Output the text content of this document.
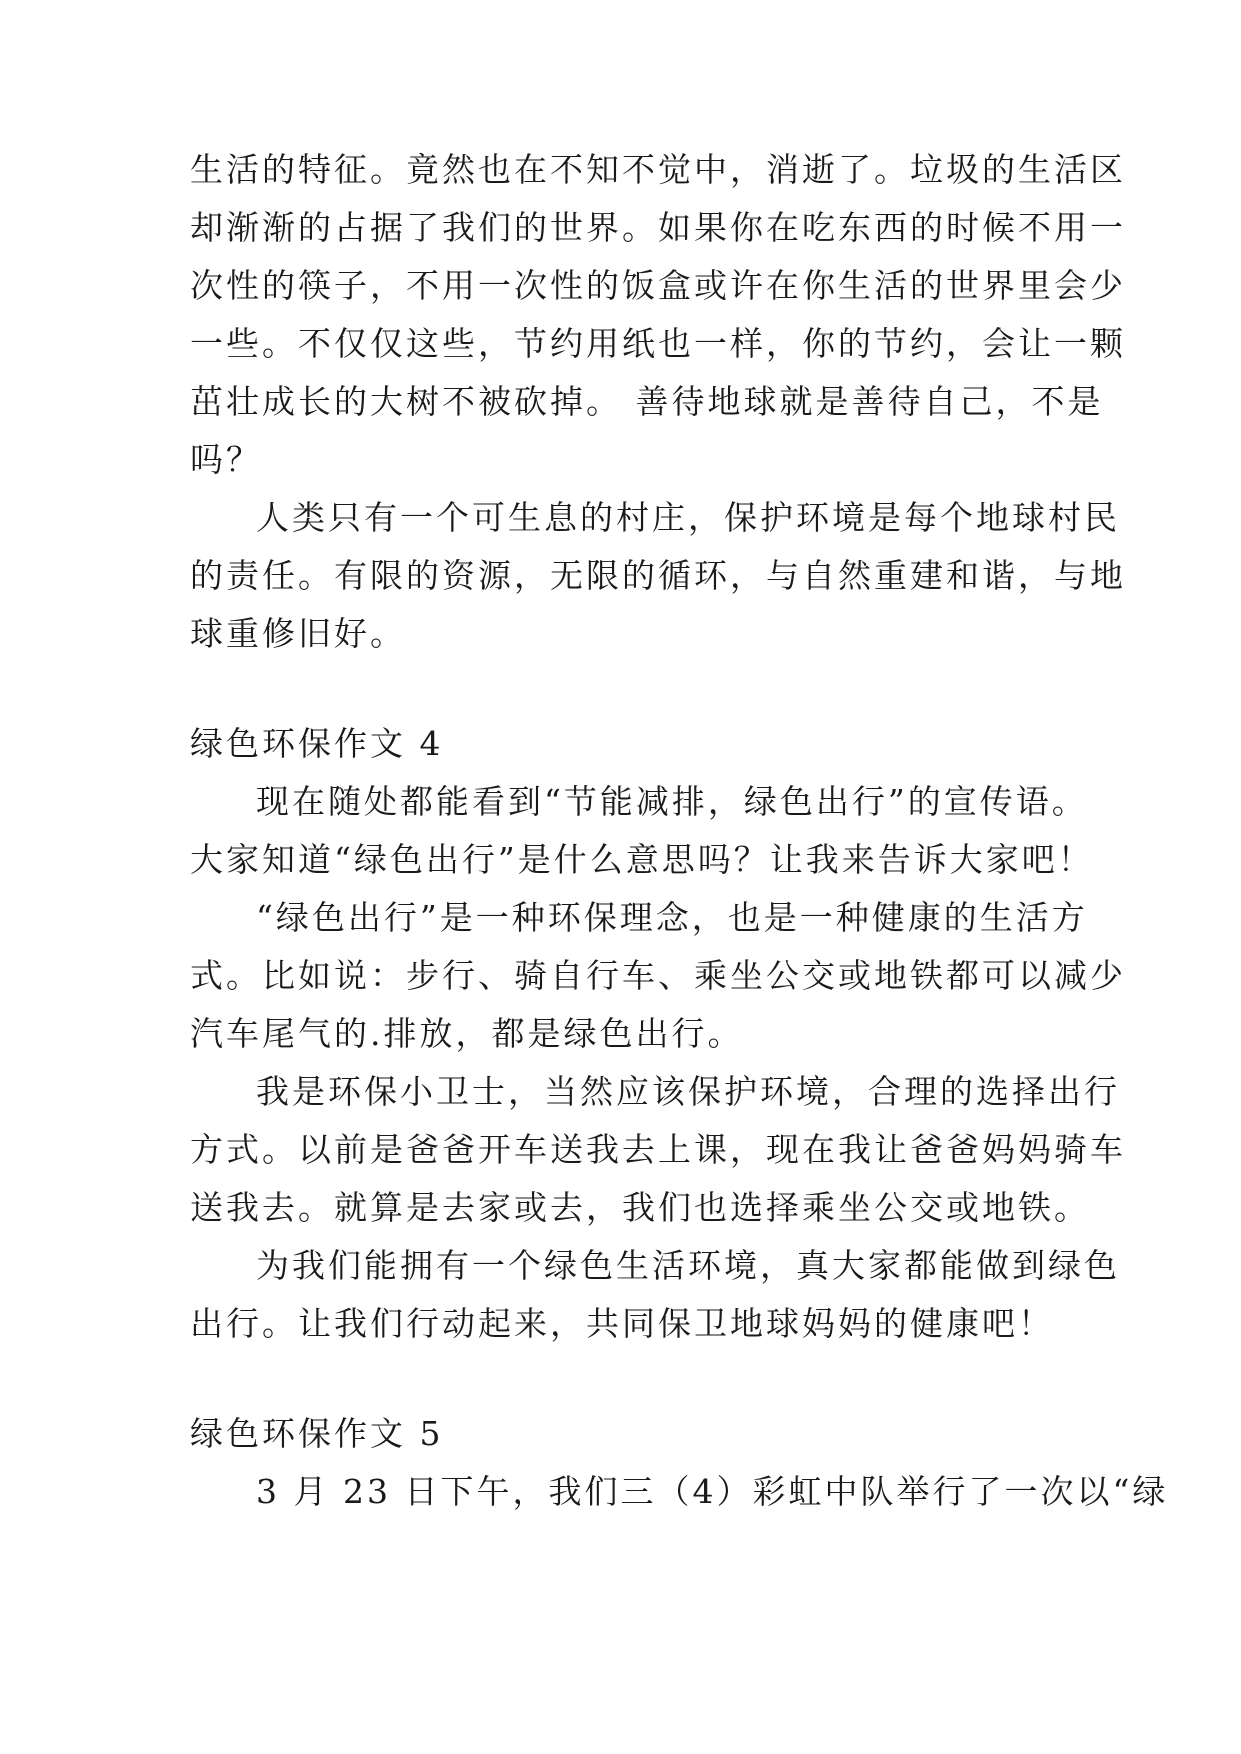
生活的特征。竟然也在不知不觉中，消逝了。垃圾的生活区
却渐渐的占据了我们的世界。如果你在吃东西的时候不用一
次性的筷子，不用一次性的饭盒或许在你生活的世界里会少
一些。不仅仅这些，节约用纸也一样，你的节约，会让一颗
茁壮成长的大树不被砍掉。 善待地球就是善待自己，不是
吗？
人类只有一个可生息的村庄，保护环境是每个地球村民
的责任。有限的资源，无限的循环，与自然重建和谐，与地
球重修旧好。
绿色环保作文 4
现在随处都能看到“节能减排，绿色出行”的宣传语。
大家知道“绿色出行”是什么意思吗？让我来告诉大家吧！
“绿色出行”是一种环保理念，也是一种健康的生活方
式。比如说：步行、骑自行车、乘坐公交或地铁都可以减少
汽车尾气的.排放，都是绿色出行。
我是环保小卫士，当然应该保护环境，合理的选择出行
方式。以前是爸爸开车送我去上课，现在我让爸爸妈妈骑车
送我去。就算是去家或去，我们也选择乘坐公交或地铁。
为我们能拥有一个绿色生活环境，真大家都能做到绿色
出行。让我们行动起来，共同保卫地球妈妈的健康吧！
绿色环保作文 5
3 月 23 日下午，我们三（4）彩虹中队举行了一次以“绿
